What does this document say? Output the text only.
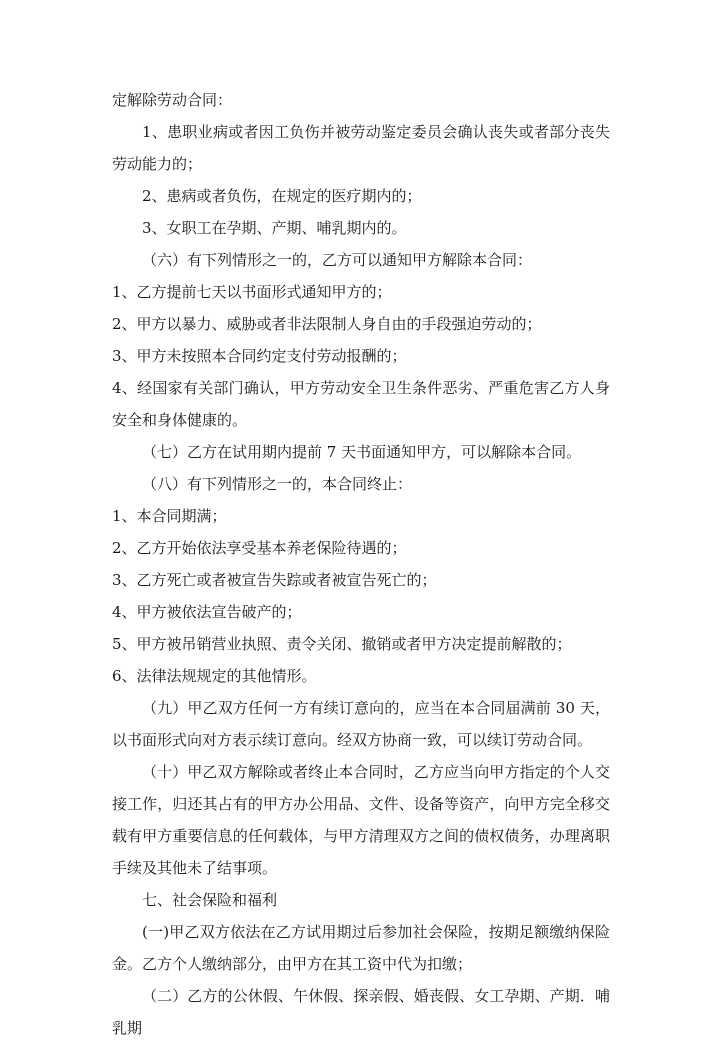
定解除劳动合同：

1、患职业病或者因工负伤并被劳动鉴定委员会确认丧失或者部分丧失劳动能力的；

2、患病或者负伤，在规定的医疗期内的；

3、女职工在孕期、产期、哺乳期内的。

（六）有下列情形之一的，乙方可以通知甲方解除本合同：

1、乙方提前七天以书面形式通知甲方的；

2、甲方以暴力、威胁或者非法限制人身自由的手段强迫劳动的；

3、甲方未按照本合同约定支付劳动报酬的；

4、经国家有关部门确认，甲方劳动安全卫生条件恶劣、严重危害乙方人身安全和身体健康的。

（七）乙方在试用期内提前 7 天书面通知甲方，可以解除本合同。

（八）有下列情形之一的，本合同终止：

1、本合同期满；

2、乙方开始依法享受基本养老保险待遇的；

3、乙方死亡或者被宣告失踪或者被宣告死亡的；

4、甲方被依法宣告破产的；

5、甲方被吊销营业执照、责令关闭、撤销或者甲方决定提前解散的；

6、法律法规规定的其他情形。

（九）甲乙双方任何一方有续订意向的，应当在本合同届满前 30 天，以书面形式向对方表示续订意向。经双方协商一致，可以续订劳动合同。

（十）甲乙双方解除或者终止本合同时，乙方应当向甲方指定的个人交接工作，归还其占有的甲方办公用品、文件、设备等资产，向甲方完全移交载有甲方重要信息的任何载体，与甲方清理双方之间的债权债务，办理离职手续及其他未了结事项。

七、社会保险和福利

(一)甲乙双方依法在乙方试用期过后参加社会保险，按期足额缴纳保险金。乙方个人缴纳部分，由甲方在其工资中代为扣缴；

（二）乙方的公休假、午休假、探亲假、婚丧假、女工孕期、产期．哺乳期
